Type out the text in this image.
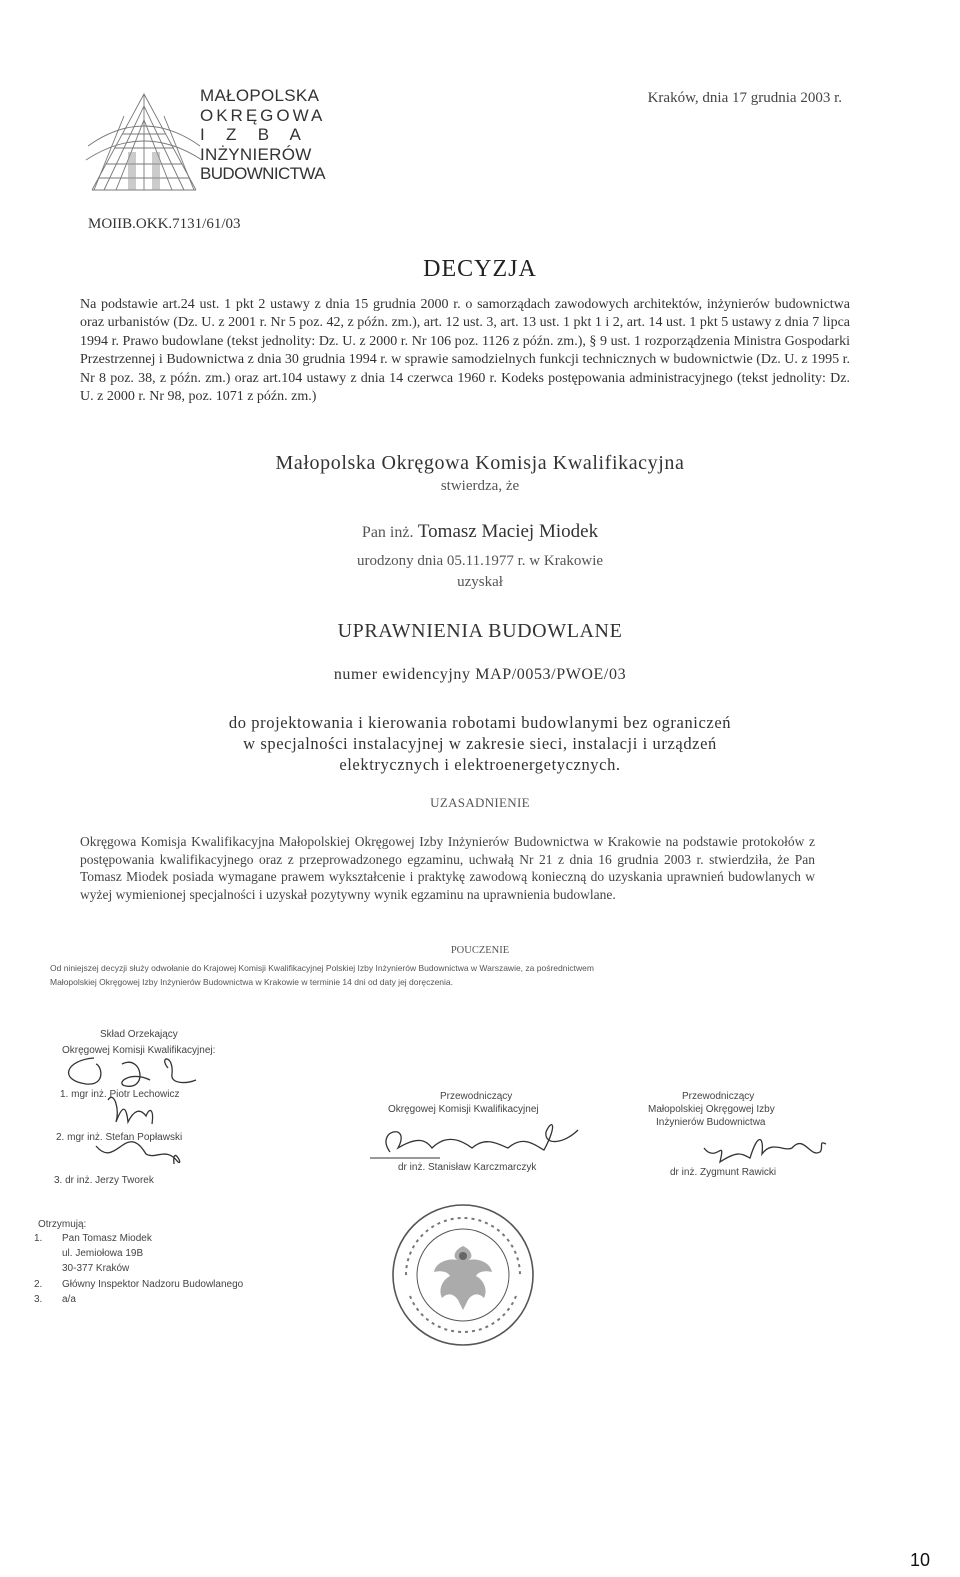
MAŁOPOLSKA
OKRĘGOWA
I Z B A
INŻYNIERÓW
BUDOWNICTWA
Kraków, dnia 17 grudnia 2003 r.
MOIIB.OKK.7131/61/03
DECYZJA
Na podstawie art.24 ust. 1 pkt 2 ustawy z dnia 15 grudnia 2000 r. o samorządach zawodowych architektów, inżynierów budownictwa oraz urbanistów (Dz. U. z 2001 r. Nr 5 poz. 42, z późn. zm.), art. 12 ust. 3, art. 13 ust. 1 pkt 1 i 2, art. 14 ust. 1 pkt 5 ustawy z dnia 7 lipca 1994 r. Prawo budowlane (tekst jednolity: Dz. U. z 2000 r. Nr 106 poz. 1126 z późn. zm.), § 9 ust. 1 rozporządzenia Ministra Gospodarki Przestrzennej i Budownictwa z dnia 30 grudnia 1994 r. w sprawie samodzielnych funkcji technicznych w budownictwie (Dz. U. z 1995 r. Nr 8 poz. 38, z późn. zm.) oraz art.104 ustawy z dnia 14 czerwca 1960 r. Kodeks postępowania administracyjnego (tekst jednolity: Dz. U. z 2000 r. Nr 98, poz. 1071 z późn. zm.)
Małopolska Okręgowa Komisja Kwalifikacyjna
stwierdza, że
Pan inż. Tomasz Maciej Miodek
urodzony dnia 05.11.1977 r. w Krakowie
uzyskał
UPRAWNIENIA BUDOWLANE
numer ewidencyjny MAP/0053/PWOE/03
do projektowania i kierowania robotami budowlanymi bez ograniczeń
w specjalności instalacyjnej w zakresie sieci, instalacji i urządzeń
elektrycznych i elektroenergetycznych.
UZASADNIENIE
Okręgowa Komisja Kwalifikacyjna Małopolskiej Okręgowej Izby Inżynierów Budownictwa w Krakowie na podstawie protokołów z postępowania kwalifikacyjnego oraz z przeprowadzonego egzaminu, uchwałą Nr 21 z dnia 16 grudnia 2003 r. stwierdziła, że Pan Tomasz Miodek posiada wymagane prawem wykształcenie i praktykę zawodową konieczną do uzyskania uprawnień budowlanych w wyżej wymienionej specjalności i uzyskał pozytywny wynik egzaminu na uprawnienia budowlane.
POUCZENIE
Od niniejszej decyzji służy odwołanie do Krajowej Komisji Kwalifikacyjnej Polskiej Izby Inżynierów Budownictwa w Warszawie, za pośrednictwem
Małopolskiej Okręgowej Izby Inżynierów Budownictwa w Krakowie w terminie 14 dni od daty jej doręczenia.
Skład Orzekający
Okręgowej Komisji Kwalifikacyjnej:
1. mgr inż. Piotr Lechowicz
2. mgr inż. Stefan Popławski
3. dr inż. Jerzy Tworek
Przewodniczący
Okręgowej Komisji Kwalifikacyjnej
dr inż. Stanisław Karczmarczyk
Przewodniczący
Małopolskiej Okręgowej Izby
Inżynierów Budownictwa
dr inż. Zygmunt Rawicki
Otrzymują:
1. Pan Tomasz Miodek
ul. Jemiołowa 19B
30-377 Kraków
2. Główny Inspektor Nadzoru Budowlanego
3. a/a
10
